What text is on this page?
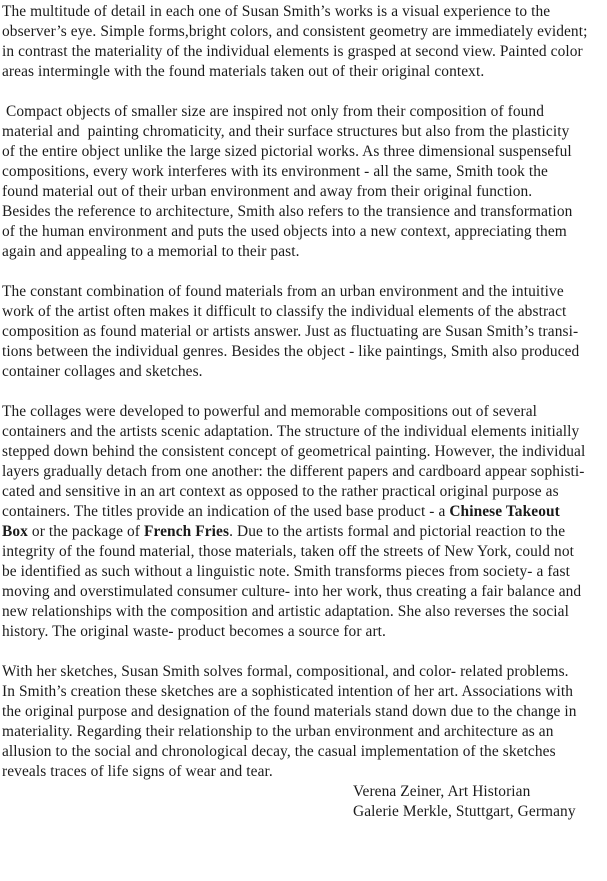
The multitude of detail in each one of Susan Smith’s works is a visual experience to the
observer’s eye. Simple forms,bright colors, and consistent geometry are immediately evident;
in contrast the materiality of the individual elements is grasped at second view. Painted color
areas intermingle with the found materials taken out of their original context.

Compact objects of smaller size are inspired not only from their composition of found
material and  painting chromaticity, and their surface structures but also from the plasticity
of the entire object unlike the large sized pictorial works. As three dimensional suspenseful
compositions, every work interferes with its environment - all the same, Smith took the
found material out of their urban environment and away from their original function.
Besides the reference to architecture, Smith also refers to the transience and transformation
of the human environment and puts the used objects into a new context, appreciating them
again and appealing to a memorial to their past.

The constant combination of found materials from an urban environment and the intuitive
work of the artist often makes it difficult to classify the individual elements of the abstract
composition as found material or artists answer. Just as fluctuating are Susan Smith’s transi-
tions between the individual genres. Besides the object - like paintings, Smith also produced
container collages and sketches.

The collages were developed to powerful and memorable compositions out of several
containers and the artists scenic adaptation. The structure of the individual elements initially
stepped down behind the consistent concept of geometrical painting. However, the individual
layers gradually detach from one another: the different papers and cardboard appear sophisti-
cated and sensitive in an art context as opposed to the rather practical original purpose as
containers. The titles provide an indication of the used base product - a Chinese Takeout
Box or the package of French Fries. Due to the artists formal and pictorial reaction to the
integrity of the found material, those materials, taken off the streets of New York, could not
be identified as such without a linguistic note. Smith transforms pieces from society- a fast
moving and overstimulated consumer culture- into her work, thus creating a fair balance and
new relationships with the composition and artistic adaptation. She also reverses the social
history. The original waste- product becomes a source for art.

With her sketches, Susan Smith solves formal, compositional, and color- related problems.
In Smith’s creation these sketches are a sophisticated intention of her art. Associations with
the original purpose and designation of the found materials stand down due to the change in
materiality. Regarding their relationship to the urban environment and architecture as an
allusion to the social and chronological decay, the casual implementation of the sketches
reveals traces of life signs of wear and tear.

Verena Zeiner, Art Historian
Galerie Merkle, Stuttgart, Germany
